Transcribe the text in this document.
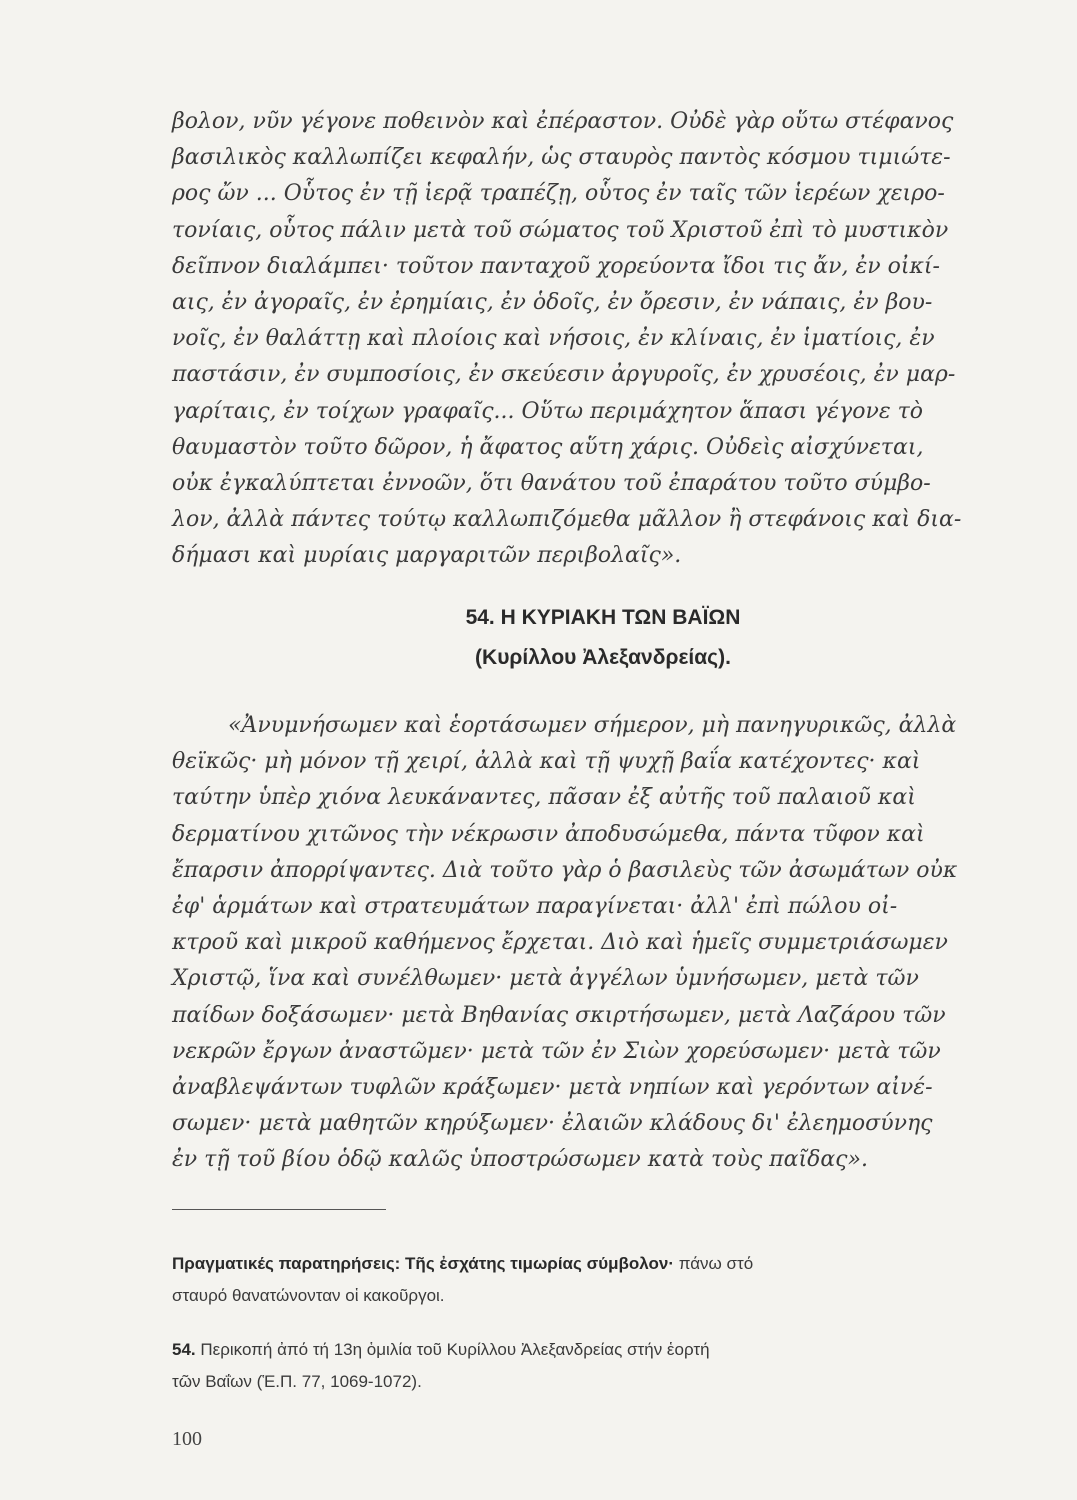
βολον, νῦν γέγονε ποθεινὸν καὶ ἐπέραστον. Οὐδὲ γὰρ οὕτω στέφανος
βασιλικὸς καλλωπίζει κεφαλήν, ὡς σταυρὸς παντὸς κόσμου τιμιώτε-
ρος ὤν ... Οὗτος ἐν τῇ ἱερᾷ τραπέζῃ, οὗτος ἐν ταῖς τῶν ἱερέων χειρο-
τονίαις, οὗτος πάλιν μετὰ τοῦ σώματος τοῦ Χριστοῦ ἐπὶ τὸ μυστικὸν
δεῖπνον διαλάμπει· τοῦτον πανταχοῦ χορεύοντα ἴδοι τις ἄν, ἐν οἰκί-
αις, ἐν ἀγοραῖς, ἐν ἐρημίαις, ἐν ὁδοῖς, ἐν ὄρεσιν, ἐν νάπαις, ἐν βου-
νοῖς, ἐν θαλάττῃ καὶ πλοίοις καὶ νήσοις, ἐν κλίναις, ἐν ἱματίοις, ἐν
παστάσιν, ἐν συμποσίοις, ἐν σκεύεσιν ἀργυροῖς, ἐν χρυσέοις, ἐν μαρ-
γαρίταις, ἐν τοίχων γραφαῖς... Οὕτω περιμάχητον ἅπασι γέγονε τὸ
θαυμαστὸν τοῦτο δῶρον, ἡ ἄφατος αὕτη χάρις. Οὐδεὶς αἰσχύνεται,
οὐκ ἐγκαλύπτεται ἐννοῶν, ὅτι θανάτου τοῦ ἐπαράτου τοῦτο σύμβο-
λον, ἀλλὰ πάντες τούτῳ καλλωπιζόμεθα μᾶλλον ἢ στεφάνοις καὶ δια-
δήμασι καὶ μυρίαις μαργαριτῶν περιβολαῖς».
54. Η ΚΥΡΙΑΚΗ ΤΩΝ ΒΑΪΩΝ
(Κυρίλλου Ἀλεξανδρείας).
«Ἀνυμνήσωμεν καὶ ἑορτάσωμεν σήμερον, μὴ πανηγυρικῶς, ἀλλὰ
θεϊκῶς· μὴ μόνον τῇ χειρί, ἀλλὰ καὶ τῇ ψυχῇ βαΐα κατέχοντες· καὶ
ταύτην ὑπὲρ χιόνα λευκάναντες, πᾶσαν ἐξ αὐτῆς τοῦ παλαιοῦ καὶ
δερματίνου χιτῶνος τὴν νέκρωσιν ἀποδυσώμεθα, πάντα τῦφον καὶ
ἔπαρσιν ἀπορρίψαντες. Διὰ τοῦτο γὰρ ὁ βασιλεὺς τῶν ἀσωμάτων οὐκ
ἐφ' ἁρμάτων καὶ στρατευμάτων παραγίνεται· ἀλλ' ἐπὶ πώλου οἰ-
κτροῦ καὶ μικροῦ καθήμενος ἔρχεται. Διὸ καὶ ἡμεῖς συμμετριάσωμεν
Χριστῷ, ἵνα καὶ συνέλθωμεν· μετὰ ἀγγέλων ὑμνήσωμεν, μετὰ τῶν
παίδων δοξάσωμεν· μετὰ Βηθανίας σκιρτήσωμεν, μετὰ Λαζάρου τῶν
νεκρῶν ἔργων ἀναστῶμεν· μετὰ τῶν ἐν Σιὼν χορεύσωμεν· μετὰ τῶν
ἀναβλεψάντων τυφλῶν κράξωμεν· μετὰ νηπίων καὶ γερόντων αἰνέ-
σωμεν· μετὰ μαθητῶν κηρύξωμεν· ἐλαιῶν κλάδους δι' ἐλεημοσύνης
ἐν τῇ τοῦ βίου ὁδῷ καλῶς ὑποστρώσωμεν κατὰ τοὺς παῖδας».
Πραγματικές παρατηρήσεις: Τῆς ἐσχάτης τιμωρίας σύμβολον· πάνω στό
σταυρό θανατώνονταν οἱ κακοῦργοι.
54. Περικοπή ἀπό τή 13η ὁμιλία τοῦ Κυρίλλου Ἀλεξανδρείας στήν ἑορτή
τῶν Βαΐων (Ἑ.Π. 77, 1069-1072).
100
